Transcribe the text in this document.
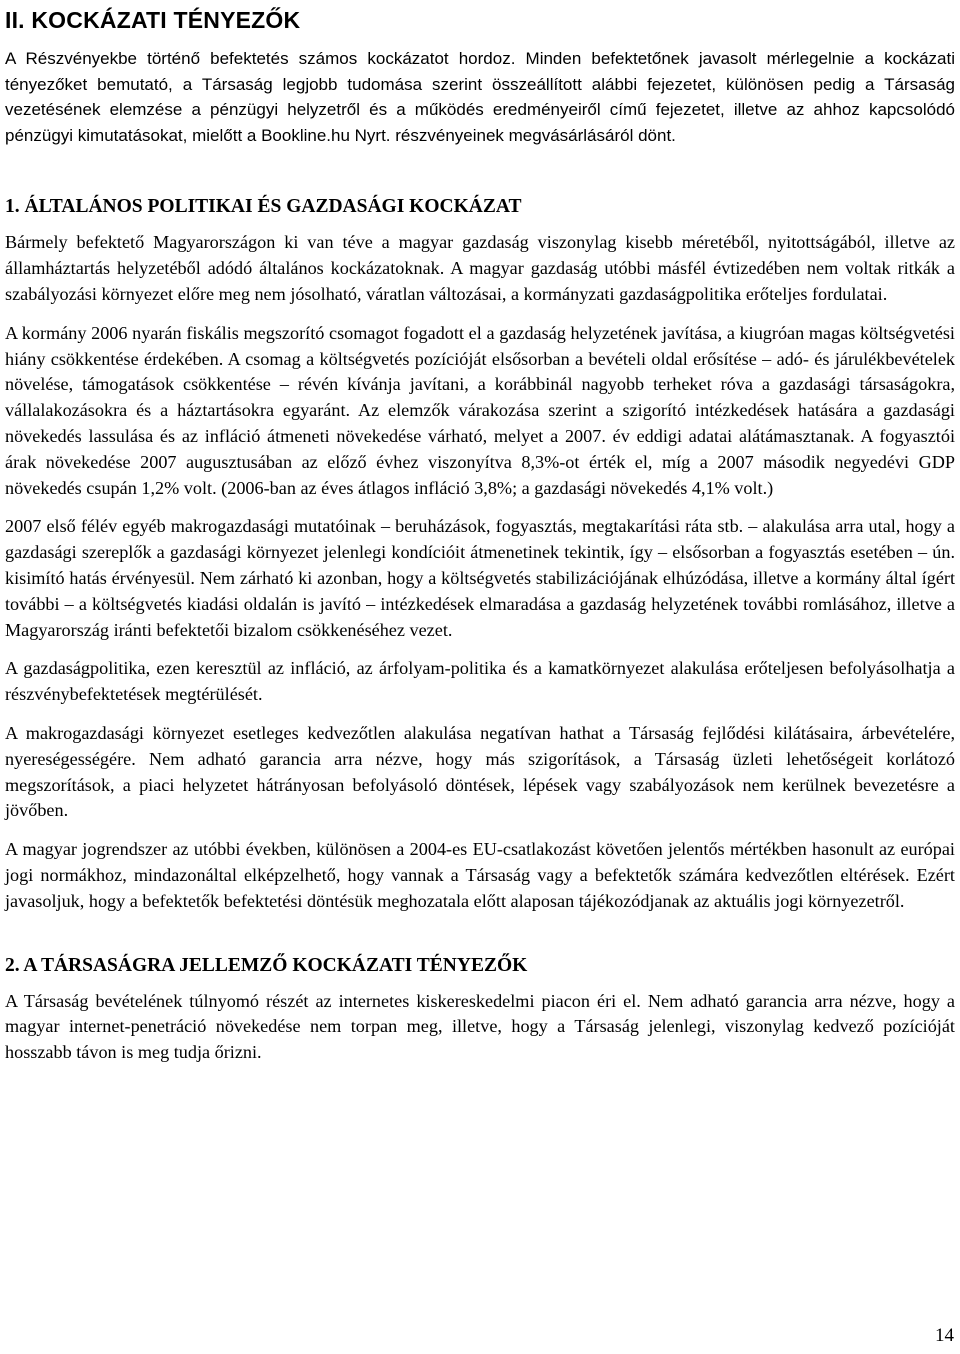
II. KOCKÁZATI TÉNYEZŐK

A Részvényekbe történő befektetés számos kockázatot hordoz. Minden befektetőnek javasolt mérlegelnie a kockázati tényezőket bemutató, a Társaság legjobb tudomása szerint összeállított alábbi fejezetet, különösen pedig a Társaság vezetésének elemzése a pénzügyi helyzetről és a működés eredményeiről című fejezetet, illetve az ahhoz kapcsolódó pénzügyi kimutatásokat, mielőtt a Bookline.hu Nyrt. részvényeinek megvásárlásáról dönt.

1. ÁLTALÁNOS POLITIKAI ÉS GAZDASÁGI KOCKÁZAT

Bármely befektető Magyarországon ki van téve a magyar gazdaság viszonylag kisebb méretéből, nyitottságából, illetve az államháztartás helyzetéből adódó általános kockázatoknak. A magyar gazdaság utóbbi másfél évtizedében nem voltak ritkák a szabályozási környezet előre meg nem jósolható, váratlan változásai, a kormányzati gazdaságpolitika erőteljes fordulatai.

A kormány 2006 nyarán fiskális megszorító csomagot fogadott el a gazdaság helyzetének javítása, a kiugróan magas költségvetési hiány csökkentése érdekében. A csomag a költségvetés pozícióját elsősorban a bevételi oldal erősítése – adó- és járulékbevételek növelése, támogatások csökkentése – révén kívánja javítani, a korábbinál nagyobb terheket róva a gazdasági társaságokra, vállalakozásokra és a háztartásokra egyaránt. Az elemzők várakozása szerint a szigorító intézkedések hatására a gazdasági növekedés lassulása és az infláció átmeneti növekedése várható, melyet a 2007. év eddigi adatai alátámasztanak. A fogyasztói árak növekedése 2007 augusztusában az előző évhez viszonyítva 8,3%-ot érték el, míg a 2007 második negyedévi GDP növekedés csupán 1,2% volt. (2006-ban az éves átlagos infláció 3,8%; a gazdasági növekedés 4,1% volt.)

2007 első félév egyéb makrogazdasági mutatóinak – beruházások, fogyasztás, megtakarítási ráta stb. – alakulása arra utal, hogy a gazdasági szereplők a gazdasági környezet jelenlegi kondícióit átmenetinek tekintik, így – elsősorban a fogyasztás esetében – ún. kisimító hatás érvényesül. Nem zárható ki azonban, hogy a költségvetés stabilizációjának elhúzódása, illetve a kormány által ígért további – a költségvetés kiadási oldalán is javító – intézkedések elmaradása a gazdaság helyzetének további romlásához, illetve a Magyarország iránti befektetői bizalom csökkenéséhez vezet.

A gazdaságpolitika, ezen keresztül az infláció, az árfolyam-politika és a kamatkörnyezet alakulása erőteljesen befolyásolhatja a részvénybefektetések megtérülését.

A makrogazdasági környezet esetleges kedvezőtlen alakulása negatívan hathat a Társaság fejlődési kilátásaira, árbevételére, nyereségességére. Nem adható garancia arra nézve, hogy más szigorítások, a Társaság üzleti lehetőségeit korlátozó megszorítások, a piaci helyzetet hátrányosan befolyásoló döntések, lépések vagy szabályozások nem kerülnek bevezetésre a jövőben.

A magyar jogrendszer az utóbbi években, különösen a 2004-es EU-csatlakozást követően jelentős mértékben hasonult az európai jogi normákhoz, mindazonáltal elképzelhető, hogy vannak a Társaság vagy a befektetők számára kedvezőtlen eltérések. Ezért javasoljuk, hogy a befektetők befektetési döntésük meghozatala előtt alaposan tájékozódjanak az aktuális jogi környezetről.

2. A TÁRSASÁGRA JELLEMZŐ KOCKÁZATI TÉNYEZŐK

A Társaság bevételének túlnyomó részét az internetes kiskereskedelmi piacon éri el. Nem adható garancia arra nézve, hogy a magyar internet-penetráció növekedése nem torpan meg, illetve, hogy a Társaság jelenlegi, viszonylag kedvező pozícióját hosszabb távon is meg tudja őrizni.

14
